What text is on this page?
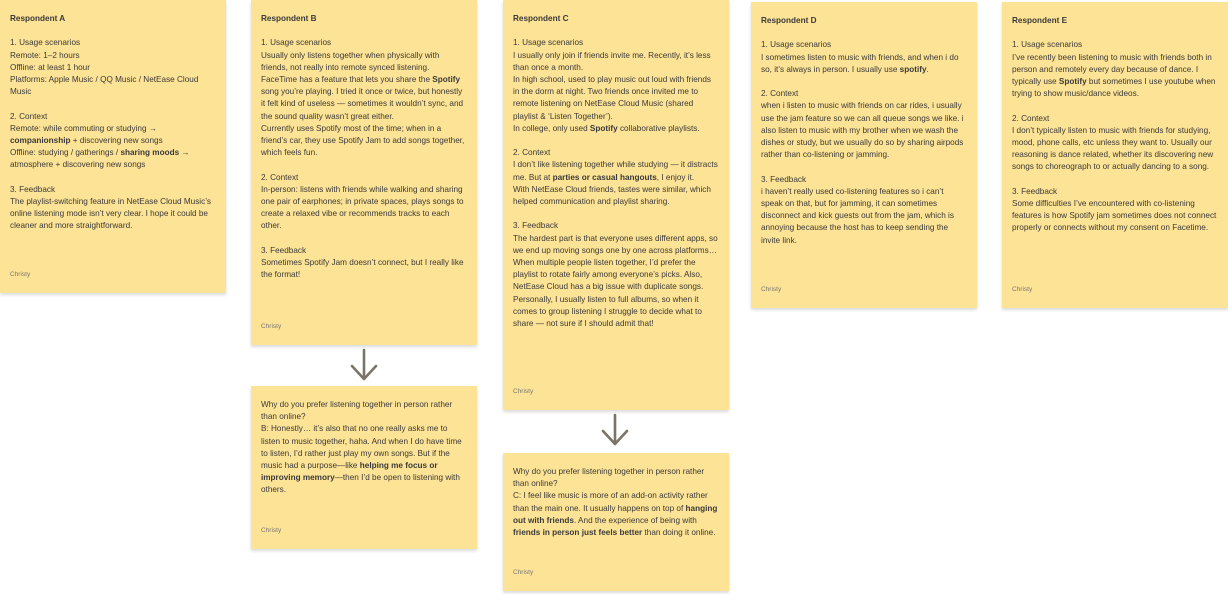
Respondent A
1. Usage scenarios
Remote: 1–2 hours
Offline: at least 1 hour
Platforms: Apple Music / QQ Music / NetEase Cloud Music
2. Context
Remote: while commuting or studying → companionship + discovering new songs
Offline: studying / gatherings / sharing moods → atmosphere + discovering new songs
3. Feedback
The playlist-switching feature in NetEase Cloud Music’s online listening mode isn’t very clear. I hope it could be cleaner and more straightforward.
Christy
Respondent B
1. Usage scenarios
Usually only listens together when physically with friends, not really into remote synced listening.
FaceTime has a feature that lets you share the Spotify song you’re playing. I tried it once or twice, but honestly it felt kind of useless — sometimes it wouldn’t sync, and the sound quality wasn’t great either.
Currently uses Spotify most of the time; when in a friend’s car, they use Spotify Jam to add songs together, which feels fun.
2. Context
In-person: listens with friends while walking and sharing one pair of earphones; in private spaces, plays songs to create a relaxed vibe or recommends tracks to each other.
3. Feedback
Sometimes Spotify Jam doesn’t connect, but I really like the format!
Christy
Respondent C
1. Usage scenarios
I usually only join if friends invite me. Recently, it’s less than once a month.
In high school, used to play music out loud with friends in the dorm at night. Two friends once invited me to remote listening on NetEase Cloud Music (shared playlist & ‘Listen Together’).
In college, only used Spotify collaborative playlists.
2. Context
I don’t like listening together while studying — it distracts me. But at parties or casual hangouts, I enjoy it.
With NetEase Cloud friends, tastes were similar, which helped communication and playlist sharing.
3. Feedback
The hardest part is that everyone uses different apps, so we end up moving songs one by one across platforms… When multiple people listen together, I’d prefer the playlist to rotate fairly among everyone’s picks. Also, NetEase Cloud has a big issue with duplicate songs. Personally, I usually listen to full albums, so when it comes to group listening I struggle to decide what to share — not sure if I should admit that!
Christy
Respondent D
1. Usage scenarios
I sometimes listen to music with friends, and when i do so, it’s always in person. I usually use spotify.
2. Context
when i listen to music with friends on car rides, i usually use the jam feature so we can all queue songs we like. i also listen to music with my brother when we wash the dishes or study, but we usually do so by sharing airpods rather than co-listening or jamming.
3. Feedback
i haven’t really used co-listening features so i can’t speak on that, but for jamming, it can sometimes disconnect and kick guests out from the jam, which is annoying because the host has to keep sending the invite link.
Christy
Respondent E
1. Usage scenarios
I’ve recently been listening to music with friends both in person and remotely every day because of dance. I typically use Spotify but sometimes I use youtube when trying to show music/dance videos.
2. Context
I don’t typically listen to music with friends for studying, mood, phone calls, etc unless they want to. Usually our reasoning is dance related, whether its discovering new songs to choreograph to or actually dancing to a song.
3. Feedback
Some difficulties I’ve encountered with co-listening features is how Spotify jam sometimes does not connect properly or connects without my consent on Facetime.
Christy
Why do you prefer listening together in person rather than online?
B: Honestly… it’s also that no one really asks me to listen to music together, haha. And when I do have time to listen, I’d rather just play my own songs. But if the music had a purpose—like helping me focus or improving memory—then I’d be open to listening with others.
Christy
Why do you prefer listening together in person rather than online?
C: I feel like music is more of an add-on activity rather than the main one. It usually happens on top of hanging out with friends. And the experience of being with friends in person just feels better than doing it online.
Christy
